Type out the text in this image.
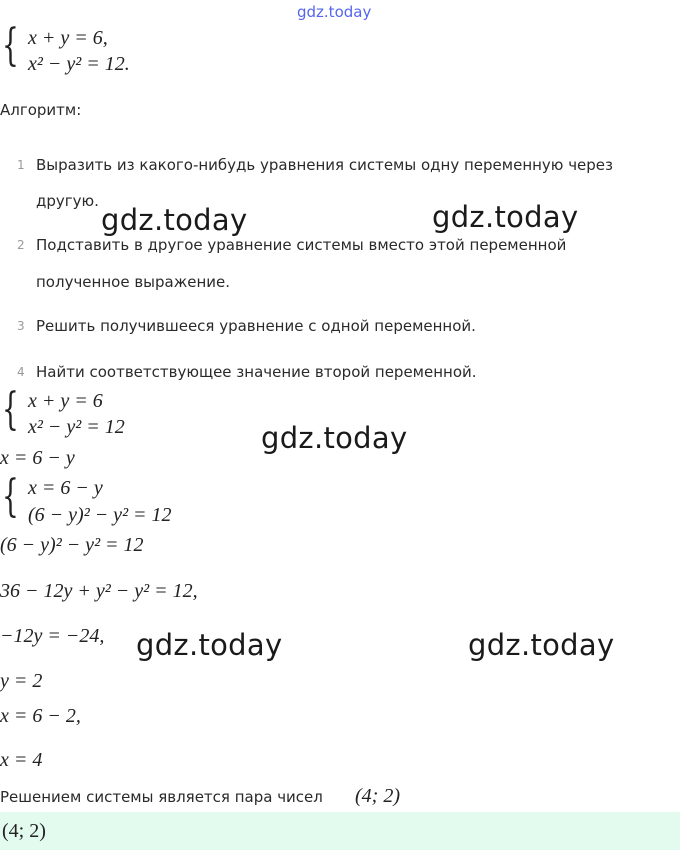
gdz.today
{ x + y = 6,
x² − y² = 12.
Алгоритм:
1 Выразить из какого-нибудь уравнения системы одну переменную через
другую.
2 Подставить в другое уравнение системы вместо этой переменной
полученное выражение.
3 Решить получившееся уравнение с одной переменной.
4 Найти соответствующее значение второй переменной.
{ x + y = 6
x² − y² = 12
x = 6 − y
{ x = 6 − y
(6 − y)² − y² = 12
(6 − y)² − y² = 12
36 − 12y + y² − y² = 12,
−12y = −24,
y = 2
x = 6 − 2,
x = 4
Решением системы является пара чисел (4; 2)
(4; 2)
gdz.today	gdz.today
gdz.today
gdz.today	gdz.today
